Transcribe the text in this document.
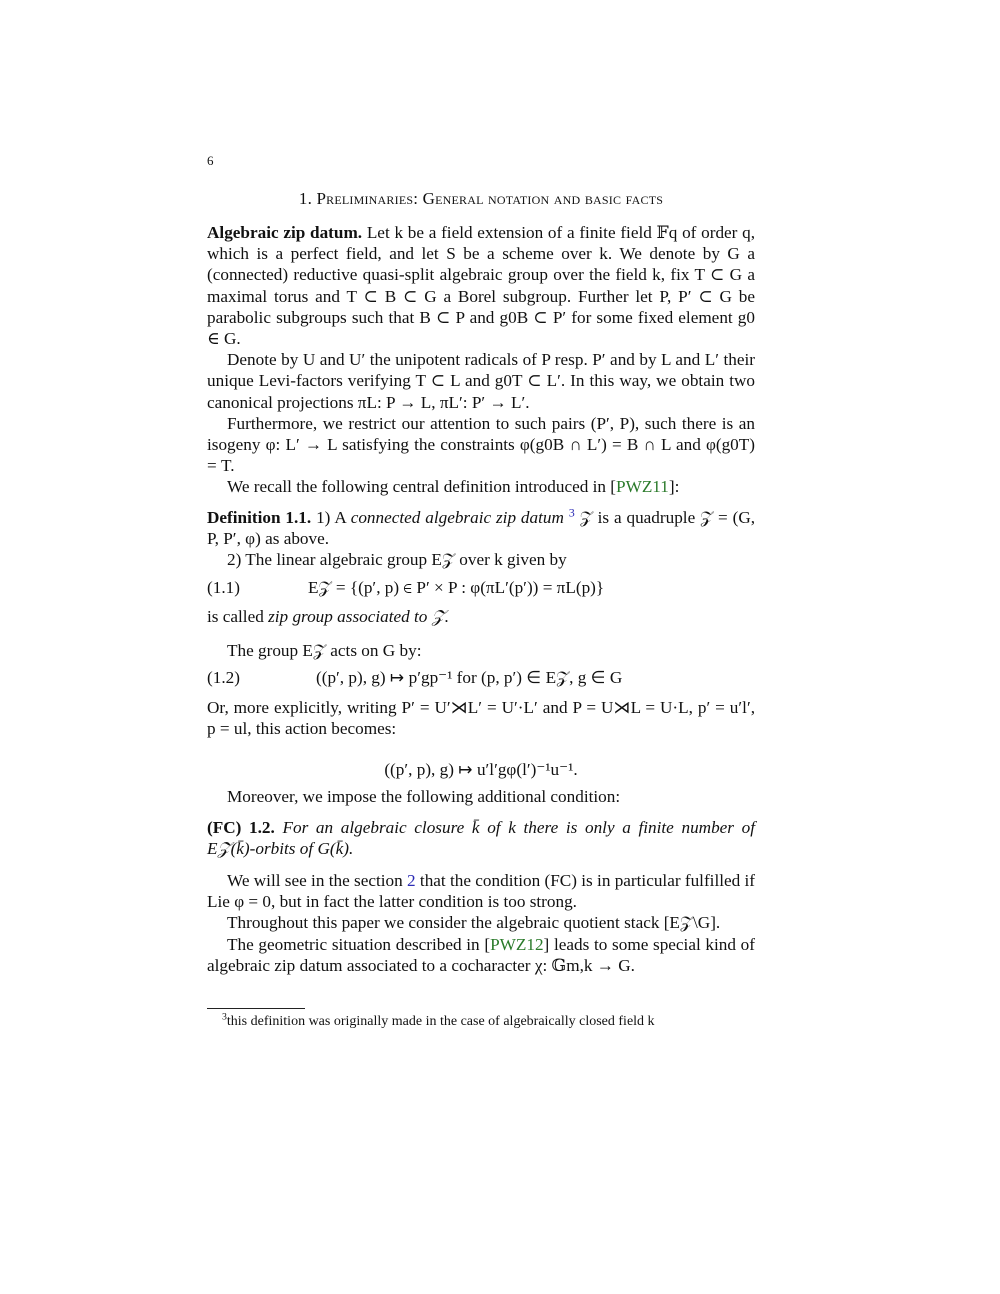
6
1. Preliminaries: General notation and basic facts

Algebraic zip datum. Let k be a field extension of a finite field 𝔽q of order q, which is a perfect field, and let S be a scheme over k. We denote by G a (connected) reductive quasi-split algebraic group over the field k, fix T ⊂ G a maximal torus and T ⊂ B ⊂ G a Borel subgroup. Further let P, P′ ⊂ G be parabolic subgroups such that B ⊂ P and g0B ⊂ P′ for some fixed element g0 ∈ G.

Denote by U and U′ the unipotent radicals of P resp. P′ and by L and L′ their unique Levi-factors verifying T ⊂ L and g0T ⊂ L′. In this way, we obtain two canonical projections πL: P → L, πL′: P′ → L′.

Furthermore, we restrict our attention to such pairs (P′, P), such there is an isogeny φ: L′ → L satisfying the constraints φ(g0B ∩ L′) = B ∩ L and φ(g0T) = T.

We recall the following central definition introduced in [PWZ11]:

Definition 1.1. 1) A connected algebraic zip datum $^3$ 𝒵 is a quadruple 𝒵 = (G, P, P′, φ) as above.

2) The linear algebraic group E𝒵 over k given by

(1.1)	E𝒵 = {(p′, p) ∈ P′ × P : φ(πL′(p′)) = πL(p)}

is called zip group associated to 𝒵.

The group E𝒵 acts on G by:

(1.2)	((p′, p), g) ↦ p′gp⁻¹ for (p, p′) ∈ E𝒵, g ∈ G

Or, more explicitly, writing P′ = U′⋊L′ = U′·L′ and P = U⋊L = U·L, p′ = u′l′, p = ul, this action becomes:

((p′, p), g) ↦ u′l′gφ(l′)⁻¹u⁻¹.

Moreover, we impose the following additional condition:

(FC) 1.2. For an algebraic closure k̄ of k there is only a finite number of E𝒵(k̄)-orbits of G(k̄).

We will see in the section 2 that the condition (FC) is in particular fulfilled if Lie φ = 0, but in fact the latter condition is too strong.

Throughout this paper we consider the algebraic quotient stack [E𝒵\G].

The geometric situation described in [PWZ12] leads to some special kind of algebraic zip datum associated to a cocharacter χ: 𝔾m,k → G.

$^3$this definition was originally made in the case of algebraically closed field k
